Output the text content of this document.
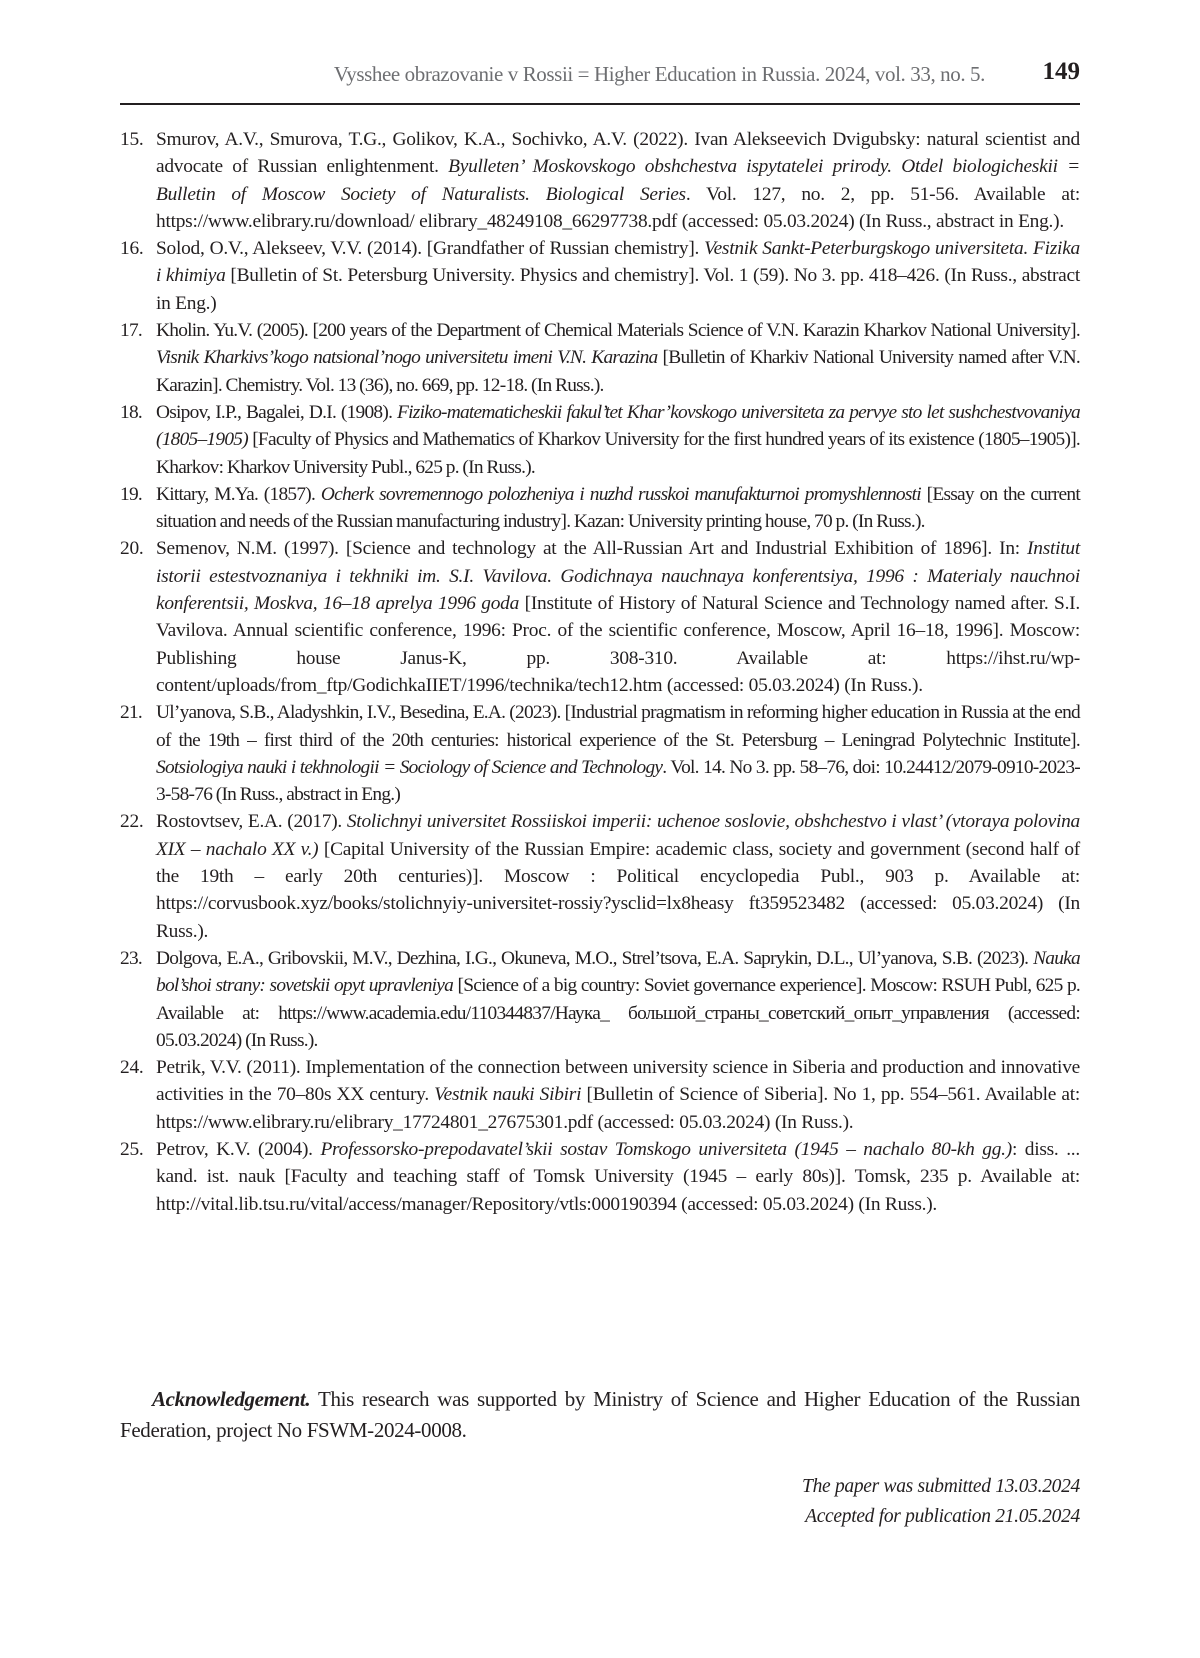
Vysshee obrazovanie v Rossii = Higher Education in Russia. 2024, vol. 33, no. 5. 149
15. Smurov, A.V., Smurova, T.G., Golikov, K.A., Sochivko, A.V. (2022). Ivan Alekseevich Dvigubsky: natural scientist and advocate of Russian enlightenment. Byulleten’ Moskovskogo obshchestva ispytatelei prirody. Otdel biologicheskii = Bulletin of Moscow Society of Naturalists. Biological Series. Vol. 127, no. 2, pp. 51-56. Available at: https://www.elibrary.ru/download/ elibrary_48249108_66297738.pdf (accessed: 05.03.2024) (In Russ., abstract in Eng.).
16. Solod, O.V., Alekseev, V.V. (2014). [Grandfather of Russian chemistry]. Vestnik Sankt-Peterburgskogo universiteta. Fizika i khimiya [Bulletin of St. Petersburg University. Physics and chemistry]. Vol. 1 (59). No 3. pp. 418–426. (In Russ., abstract in Eng.)
17. Kholin. Yu.V. (2005). [200 years of the Department of Chemical Materials Science of V.N. Karazin Kharkov National University]. Visnik Kharkivs’kogo natsional’nogo universitetu imeni V.N. Karazina [Bulletin of Kharkiv National University named after V.N. Karazin]. Chemistry. Vol. 13 (36), no. 669, pp. 12-18. (In Russ.).
18. Osipov, I.P., Bagalei, D.I. (1908). Fiziko-matematicheskii fakul’tet Khar’kovskogo universiteta za pervye sto let sushchestvovaniya (1805–1905) [Faculty of Physics and Mathematics of Kharkov University for the first hundred years of its existence (1805–1905)]. Kharkov: Kharkov University Publ., 625 p. (In Russ.).
19. Kittary, M.Ya. (1857). Ocherk sovremennogo polozheniya i nuzhd russkoi manufakturnoi promyshlennosti [Essay on the current situation and needs of the Russian manufacturing industry]. Kazan: University printing house, 70 p. (In Russ.).
20. Semenov, N.M. (1997). [Science and technology at the All-Russian Art and Industrial Exhibition of 1896]. In: Institut istorii estestvoznaniya i tekhniki im. S.I. Vavilova. Godichnaya nauchnaya konferentsiya, 1996 : Materialy nauchnoi konferentsii, Moskva, 16–18 aprelya 1996 goda [Institute of History of Natural Science and Technology named after. S.I. Vavilova. Annual scientific conference, 1996: Proc. of the scientific conference, Moscow, April 16–18, 1996]. Moscow: Publishing house Janus-K, pp. 308-310. Available at: https://ihst.ru/wp-content/uploads/from_ftp/GodichkaIIET/1996/technika/tech12.htm (accessed: 05.03.2024) (In Russ.).
21. Ul’yanova, S.B., Aladyshkin, I.V., Besedina, E.A. (2023). [Industrial pragmatism in reforming higher education in Russia at the end of the 19th – first third of the 20th centuries: historical experience of the St. Petersburg – Leningrad Polytechnic Institute]. Sotsiologiya nauki i tekhnologii = Sociology of Science and Technology. Vol. 14. No 3. pp. 58–76, doi: 10.24412/2079-0910-2023-3-58-76 (In Russ., abstract in Eng.)
22. Rostovtsev, E.A. (2017). Stolichnyi universitet Rossiiskoi imperii: uchenoe soslovie, obshchestvo i vlast’ (vtoraya polovina XIX – nachalo XX v.) [Capital University of the Russian Empire: academic class, society and government (second half of the 19th – early 20th centuries)]. Moscow : Political encyclopedia Publ., 903 p. Available at: https://corvusbook.xyz/books/stolichnyiy-universitet-rossiy?ysclid=lx8heasy ft359523482 (accessed: 05.03.2024) (In Russ.).
23. Dolgova, E.A., Gribovskii, M.V., Dezhina, I.G., Okuneva, M.O., Strel’tsova, E.A. Saprykin, D.L., Ul’yanova, S.B. (2023). Nauka bol’shoi strany: sovetskii opyt upravleniya [Science of a big country: Soviet governance experience]. Moscow: RSUH Publ, 625 p. Available at: https://www.academia.edu/110344837/Наука_ большой_страны_советский_опыт_управления (accessed: 05.03.2024) (In Russ.).
24. Petrik, V.V. (2011). Implementation of the connection between university science in Siberia and production and innovative activities in the 70–80s XX century. Vestnik nauki Sibiri [Bulletin of Science of Siberia]. No 1, pp. 554–561. Available at: https://www.elibrary.ru/elibrary_17724801_27675301.pdf (accessed: 05.03.2024) (In Russ.).
25. Petrov, K.V. (2004). Professorsko-prepodavatel’skii sostav Tomskogo universiteta (1945 – nachalo 80-kh gg.): diss. ... kand. ist. nauk [Faculty and teaching staff of Tomsk University (1945 – early 80s)]. Tomsk, 235 p. Available at: http://vital.lib.tsu.ru/vital/access/manager/Repository/vtls:000190394 (accessed: 05.03.2024) (In Russ.).
Acknowledgement. This research was supported by Ministry of Science and Higher Education of the Russian Federation, project No FSWM-2024-0008.
The paper was submitted 13.03.2024
Accepted for publication 21.05.2024
